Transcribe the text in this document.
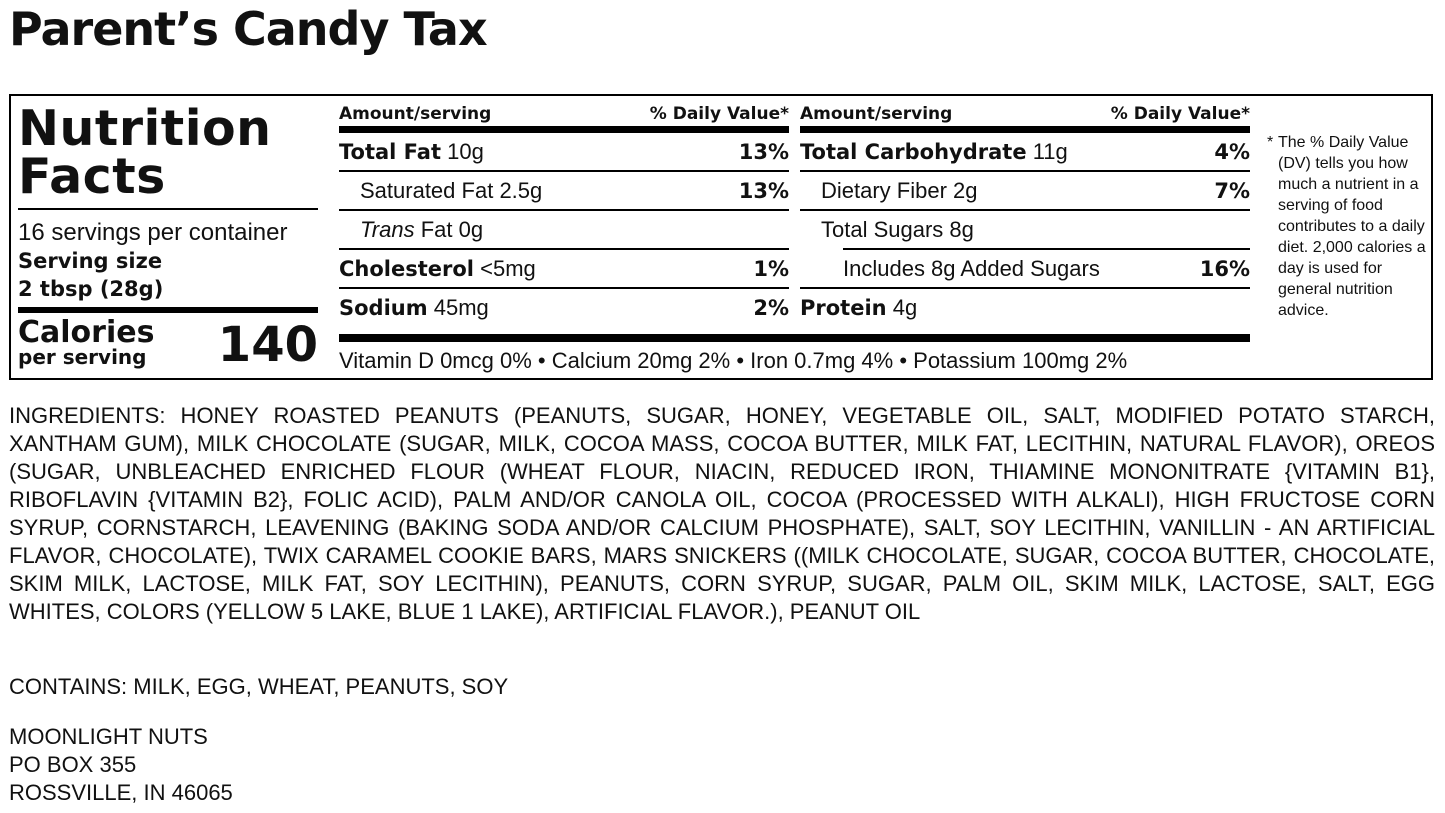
Parent’s Candy Tax
Nutrition
Facts
16 servings per container
Serving size
2 tbsp (28g)
Calories
per serving 140
Amount/serving	% Daily Value*
Total Fat 10g	13%
Saturated Fat 2.5g	13%
Trans Fat 0g
Cholesterol <5mg	1%
Sodium 45mg	2%
Amount/serving	% Daily Value*
Total Carbohydrate 11g	4%
Dietary Fiber 2g	7%
Total Sugars 8g
Includes 8g Added Sugars	16%
Protein 4g
Vitamin D 0mcg 0% • Calcium 20mg 2% • Iron 0.7mg 4% • Potassium 100mg 2%
* The % Daily Value (DV) tells you how much a nutrient in a serving of food contributes to a daily diet. 2,000 calories a day is used for general nutrition advice.
INGREDIENTS: HONEY ROASTED PEANUTS (PEANUTS, SUGAR, HONEY, VEGETABLE OIL, SALT, MODIFIED POTATO STARCH, XANTHAM GUM), MILK CHOCOLATE (SUGAR, MILK, COCOA MASS, COCOA BUTTER, MILK FAT, LECITHIN, NATURAL FLAVOR), OREOS (SUGAR, UNBLEACHED ENRICHED FLOUR (WHEAT FLOUR, NIACIN, REDUCED IRON, THIAMINE MONONITRATE {VITAMIN B1}, RIBOFLAVIN {VITAMIN B2}, FOLIC ACID), PALM AND/OR CANOLA OIL, COCOA (PROCESSED WITH ALKALI), HIGH FRUCTOSE CORN SYRUP, CORNSTARCH, LEAVENING (BAKING SODA AND/OR CALCIUM PHOSPHATE), SALT, SOY LECITHIN, VANILLIN - AN ARTIFICIAL FLAVOR, CHOCOLATE), TWIX CARAMEL COOKIE BARS, MARS SNICKERS ((MILK CHOCOLATE, SUGAR, COCOA BUTTER, CHOCOLATE, SKIM MILK, LACTOSE, MILK FAT, SOY LECITHIN), PEANUTS, CORN SYRUP, SUGAR, PALM OIL, SKIM MILK, LACTOSE, SALT, EGG WHITES, COLORS (YELLOW 5 LAKE, BLUE 1 LAKE), ARTIFICIAL FLAVOR.), PEANUT OIL
CONTAINS: MILK, EGG, WHEAT, PEANUTS, SOY
MOONLIGHT NUTS
PO BOX 355
ROSSVILLE, IN 46065
